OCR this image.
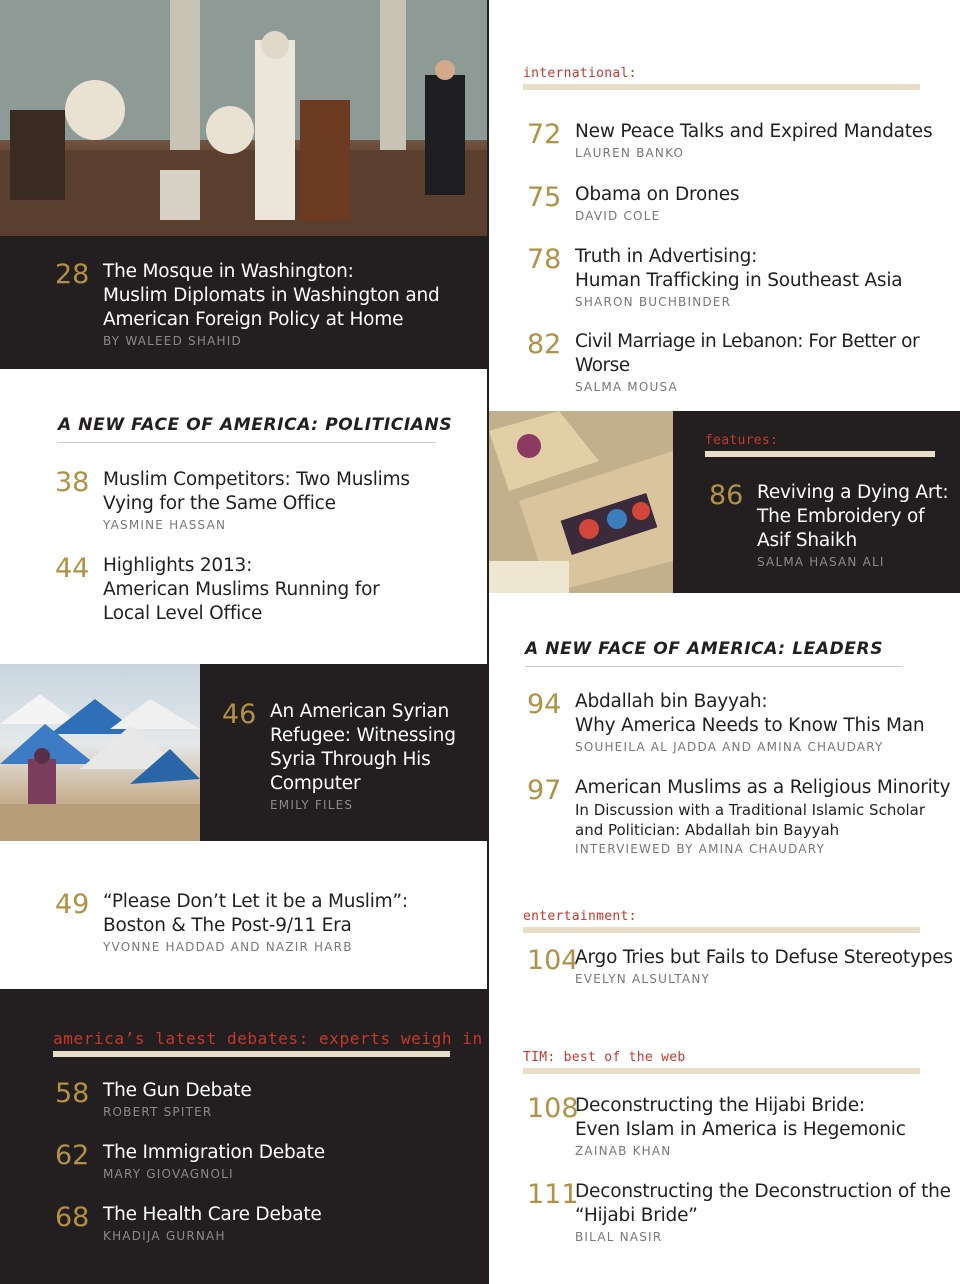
28 The Mosque in Washington:
Muslim Diplomats in Washington and
American Foreign Policy at Home
BY WALEED SHAHID
A NEW FACE OF AMERICA: POLITICIANS
38 Muslim Competitors: Two Muslims
Vying for the Same Office
YASMINE HASSAN
44 Highlights 2013:
American Muslims Running for
Local Level Office
46 An American Syrian
Refugee: Witnessing
Syria Through His
Computer
EMILY FILES
49 “Please Don’t Let it be a Muslim”:
Boston & The Post-9/11 Era
YVONNE HADDAD AND NAZIR HARB
america’s latest debates: experts weigh in
58 The Gun Debate
ROBERT SPITER
62 The Immigration Debate
MARY GIOVAGNOLI
68 The Health Care Debate
KHADIJA GURNAH
international:
72 New Peace Talks and Expired Mandates
LAUREN BANKO
75 Obama on Drones
DAVID COLE
78 Truth in Advertising:
Human Trafficking in Southeast Asia
SHARON BUCHBINDER
82 Civil Marriage in Lebanon: For Better or Worse
SALMA MOUSA
features:
86 Reviving a Dying Art:
The Embroidery of
Asif Shaikh
SALMA HASAN ALI
A NEW FACE OF AMERICA: LEADERS
94 Abdallah bin Bayyah:
Why America Needs to Know This Man
SOUHEILA AL JADDA AND AMINA CHAUDARY
97 American Muslims as a Religious Minority
In Discussion with a Traditional Islamic Scholar
and Politician: Abdallah bin Bayyah
INTERVIEWED BY AMINA CHAUDARY
entertainment:
104
Argo Tries but Fails to Defuse Stereotypes
EVELYN ALSULTANY
TIM: best of the web
108
Deconstructing the Hijabi Bride:
Even Islam in America is Hegemonic
ZAINAB KHAN
111
Deconstructing the Deconstruction of the
“Hijabi Bride”
BILAL NASIR
